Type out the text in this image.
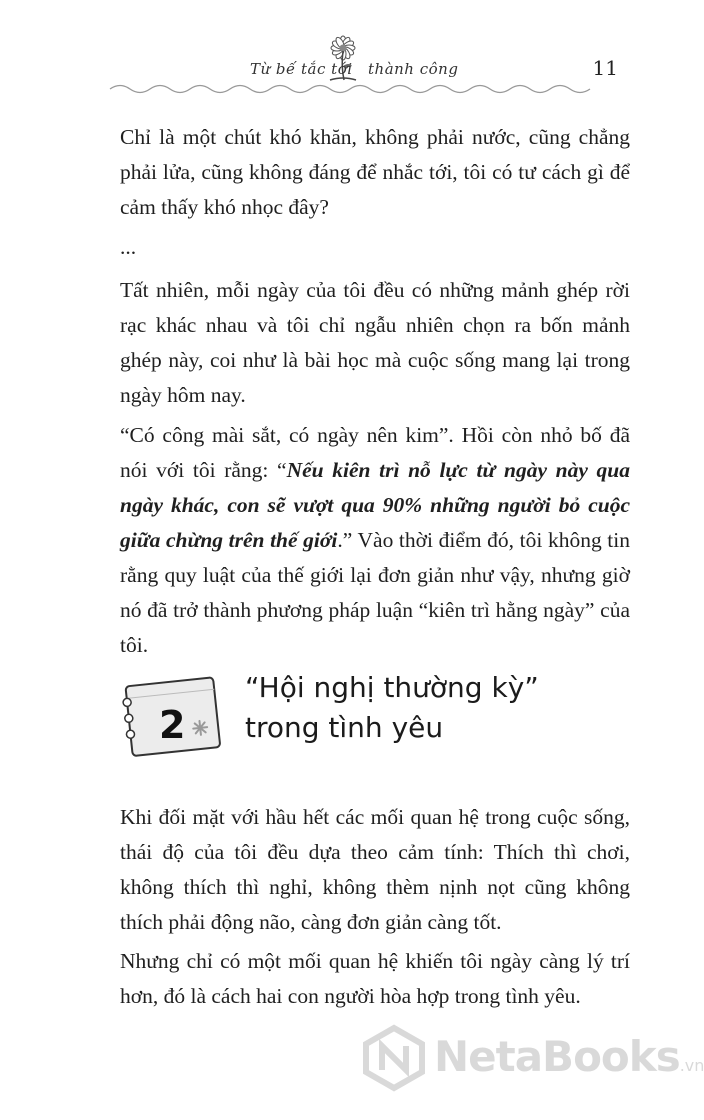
Từ bế tắc tới thành công	11

Chỉ là một chút khó khăn, không phải nước, cũng chẳng phải lửa, cũng không đáng để nhắc tới, tôi có tư cách gì để cảm thấy khó nhọc đây?

...

Tất nhiên, mỗi ngày của tôi đều có những mảnh ghép rời rạc khác nhau và tôi chỉ ngẫu nhiên chọn ra bốn mảnh ghép này, coi như là bài học mà cuộc sống mang lại trong ngày hôm nay.

“Có công mài sắt, có ngày nên kim”. Hồi còn nhỏ bố đã nói với tôi rằng: “Nếu kiên trì nỗ lực từ ngày này qua ngày khác, con sẽ vượt qua 90% những người bỏ cuộc giữa chừng trên thế giới.” Vào thời điểm đó, tôi không tin rằng quy luật của thế giới lại đơn giản như vậy, nhưng giờ nó đã trở thành phương pháp luận “kiên trì hằng ngày” của tôi.

2
“Hội nghị thường kỳ”
trong tình yêu

Khi đối mặt với hầu hết các mối quan hệ trong cuộc sống, thái độ của tôi đều dựa theo cảm tính: Thích thì chơi, không thích thì nghỉ, không thèm nịnh nọt cũng không thích phải động não, càng đơn giản càng tốt.

Nhưng chỉ có một mối quan hệ khiến tôi ngày càng lý trí hơn, đó là cách hai con người hòa hợp trong tình yêu.

NetaBooks.vn
